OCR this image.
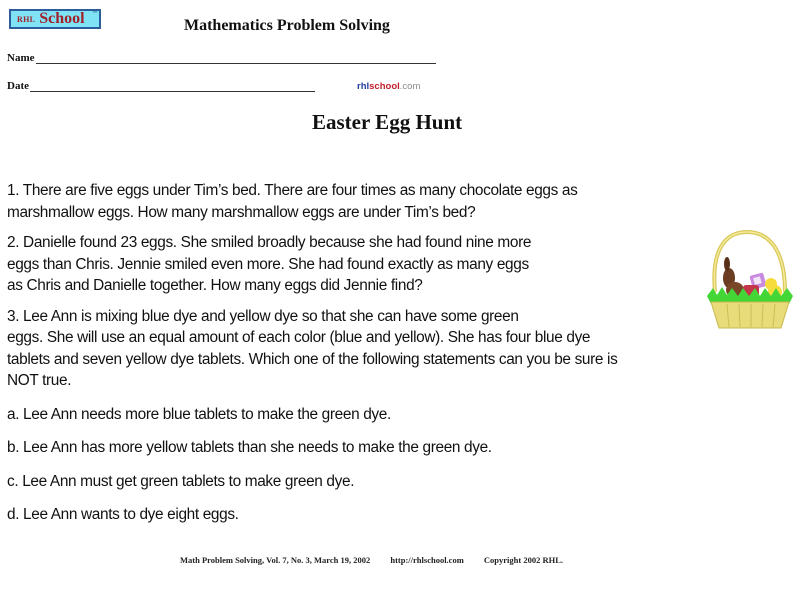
RHL School ™
Mathematics Problem Solving
Name
Date	rhlschool.com
Easter Egg Hunt
1. There are five eggs under Tim’s bed. There are four times as many chocolate eggs as
marshmallow eggs. How many marshmallow eggs are under Tim’s bed?
2. Danielle found 23 eggs. She smiled broadly because she had found nine more
eggs than Chris. Jennie smiled even more. She had found exactly as many eggs
as Chris and Danielle together. How many eggs did Jennie find?
3. Lee Ann is mixing blue dye and yellow dye so that she can have some green
eggs. She will use an equal amount of each color (blue and yellow). She has four blue dye
tablets and seven yellow dye tablets. Which one of the following statements can you be sure is
NOT true.
a. Lee Ann needs more blue tablets to make the green dye.
b. Lee Ann has more yellow tablets than she needs to make the green dye.
c. Lee Ann must get green tablets to make green dye.
d. Lee Ann wants to dye eight eggs.
Math Problem Solving, Vol. 7, No. 3, March 19, 2002 http://rhlschool.com Copyright 2002 RHL.
